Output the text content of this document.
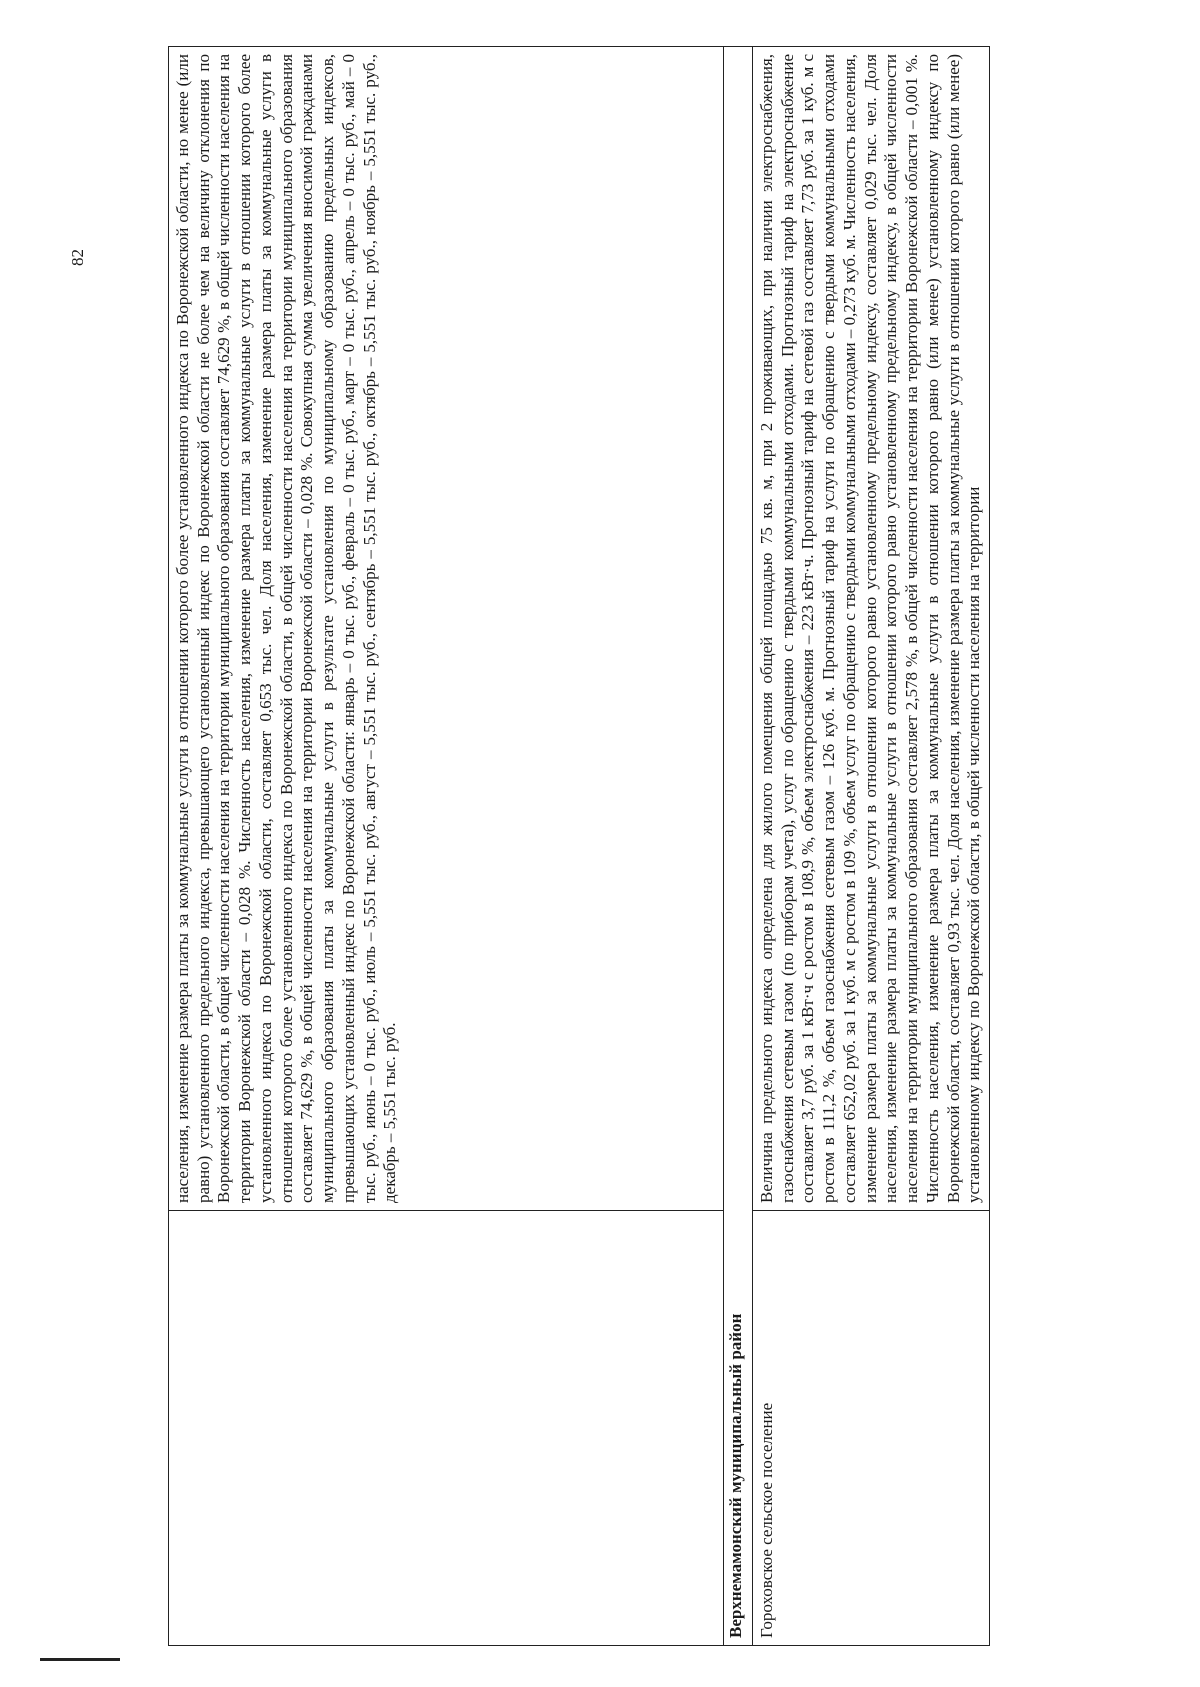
82
		населения, изменение размера платы за коммунальные услуги в отношении которого более установленного индекса по Воронежской области, но менее (или равно) установленного предельного индекса, превышающего установленный индекс по Воронежской области не более чем на величину отклонения по Воронежской области, в общей численности населения на территории муниципального образования составляет 74,629 %, в общей численности населения на территории Воронежской области – 0,028 %. Численность населения, изменение размера платы за коммунальные услуги в отношении которого более установленного индекса по Воронежской области, составляет 0,653 тыс. чел. Доля населения, изменение размера платы за коммунальные услуги в отношении которого более установленного индекса по Воронежской области, в общей численности населения на территории муниципального образования составляет 74,629 %, в общей численности населения на территории Воронежской области – 0,028 %. Совокупная сумма увеличения вносимой гражданами муниципального образования платы за коммунальные услуги в результате установления по муниципальному образованию предельных индексов, превышающих установленный индекс по Воронежской области: январь – 0 тыс. руб., февраль – 0 тыс. руб., март – 0 тыс. руб., апрель – 0 тыс. руб., май – 0 тыс. руб., июнь – 0 тыс. руб., июль – 5,551 тыс. руб., август – 5,551 тыс. руб., сентябрь – 5,551 тыс. руб., октябрь – 5,551 тыс. руб., ноябрь – 5,551 тыс. руб., декабрь – 5,551 тыс. руб.
Верхнемамонский муниципальный район	
Гороховское сельское поселение	Величина предельного индекса определена для жилого помещения общей площадью 75 кв. м, при 2 проживающих, при наличии электроснабжения, газоснабжения сетевым газом (по приборам учета), услуг по обращению с твердыми коммунальными отходами. Прогнозный тариф на электроснабжение составляет 3,7 руб. за 1 кВт·ч с ростом в 108,9 %, объем электроснабжения – 223 кВт·ч. Прогнозный тариф на сетевой газ составляет 7,73 руб. за 1 куб. м с ростом в 111,2 %, объем газоснабжения сетевым газом – 126 куб. м. Прогнозный тариф на услуги по обращению с твердыми коммунальными отходами составляет 652,02 руб. за 1 куб. м с ростом в 109 %, объем услуг по обращению с твердыми коммунальными отходами – 0,273 куб. м. Численность населения, изменение размера платы за коммунальные услуги в отношении которого равно установленному предельному индексу, составляет 0,029 тыс. чел. Доля населения, изменение размера платы за коммунальные услуги в отношении которого равно установленному предельному индексу, в общей численности населения на территории муниципального образования составляет 2,578 %, в общей численности населения на территории Воронежской области – 0,001 %. Численность населения, изменение размера платы за коммунальные услуги в отношении которого равно (или менее) установленному индексу по Воронежской области, составляет 0,93 тыс. чел. Доля населения, изменение размера платы за коммунальные услуги в отношении которого равно (или менее) установленному индексу по Воронежской области, в общей численности населения на территории
